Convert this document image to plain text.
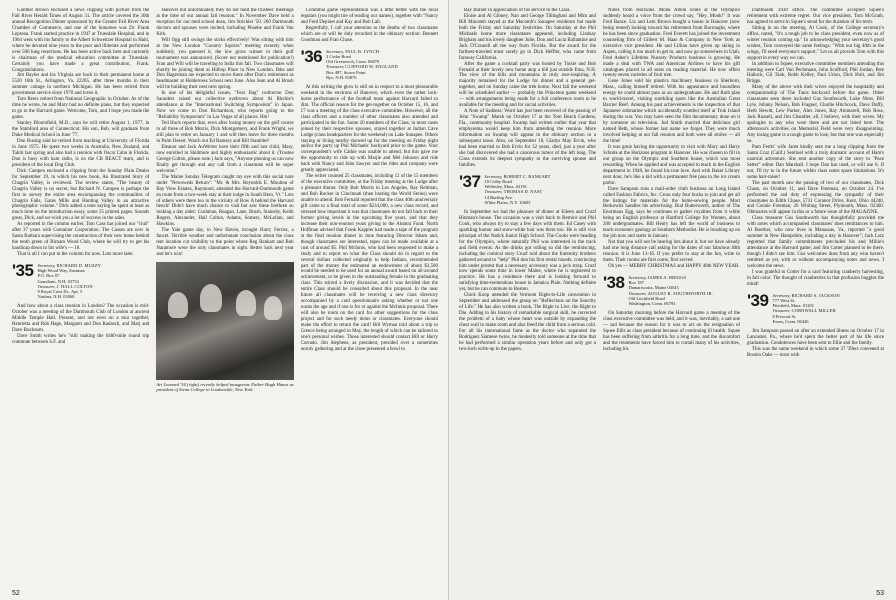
Gardner Brown enclosed a news clipping with picture from the Fall River Herald Times of August 31. The article covered the 30th annual Recognition Dinner sponsored by the Greater Fall River Area Chamber of Commerce, and one of the honorees was Dr. Frank Lepreau. Frank started practice in 1947 at Truesdale Hospital, and in 1964 went with his family to the Albert Schweitzer Hospital in Haiti, where he devoted nine years to the poor and illiterate and performed over 500 lung resections. He has been active back here and currently is chairman of the medical education committee at Truesdale. Certainly you have made a great contribution, Frank. Congratulations.

Jim Bayles and his Virginia are back in their permanent home at 5520 16th St., Arlington, Va. 22205, after three months in their summer cottage in northern Michigan. He has been retired from government service since 1970 and loves it.

Tom Beers retired from National Geographic in October. As of the time he wrote, he and Mary had no definite plans, but they expected to go to the Harvard game. Welcome, Tom, and I hope you made the game.

Stanley Bloomfield, M.D., says he will retire August 1, 1977, in the Stamford area of Connecticut. His son, Bob, will graduate from Duke Medical School in June '77.

Don Busing said he retired from teaching at University of Florida in June 1975. He spent two weeks in Australia, New Zealand, and Tahiti last spring and also had a reunion with Oscar Cahn in Florida. Don is busy with ham radio, is on the CB REACT team, and is president of the local Dog Club.

Dick Campen enclosed a clipping from the Sunday Plain Dealer for September 19, in which his new book, An Illustrated Story of Chagrin Valley, is reviewed. The review states, "The beauty of Chagrin Valley is no secret, but Richard N. Campen is perhaps the first to survey the entire area encompassing the communities of Chagrin Falls, Gates Mills and Hunting Valley in an attractive photographic volume." Dick added a note saying he spent at least as much time on the introduction essay, some 25 printed pages. Sounds great, Dick, and we wish you a lot of success in the sales.

As reported in the column earlier, Tom Cass has joined our "club" after 37 years with Container Corporation. The Casses are now in Santa Barbara supervising the construction of their new home behind the tenth green of Birnam Wood Club, where he will try to get his handicap down to his wife's — 18.

That is all I can put in the column for now. Lots more later.

'35 Secretary, RICHARD D. MUZZY
High Wood Way, Eastman
P.O. Box 87
Grantham, N.H. 03753
Treasurer, J. HALL COLTON
9 Royal Crest Dr., Apt. 5
Nashua, N.H. 03060

And how about a class reunion in London? The occasion is mid-October was a meeting of the Dartmouth Club of London at ancient Middle Temple Hall. Present, and not even on a tour together, Henrietta and Bob Hage, Margaret and Don Radasch, and Marj and Dave Buxbaum.

Dave Smith writes he's "still making the 6400-mile round trip commute between S.F. and

Hanover but unfortunately they do not hold the trustees' meetings at the time of our annual fall reunion." In November Dave held a reception for our med school dean, Jim Strickler '50. 200 Dartmouth doctors and spouses were invited, including Phoebe and Frank Van Kirk.

Will Ogg still swings the sticks effectively! Was sitting with him at the New London "Country Squires" meeting recently when suddenly, you guessed it, the low gross winner in their golf tournament was announced. (Score not mentioned for publication!) Fran and Will will be traveling to India this fall. Two classmates will shortly be joining them at Hilltop Place in New London. Ibba and Don Hagerman are expected to move there after Don's retirement as headmaster at Holderness School next June. Also Jean and Al Brush will be building their nest next spring.

In one of his delightful issues, "Fear Bag" codirector Don Saunders raised our collective eyebrows about Al Ritchie's attendance at the "International Switching Symposium" in Japan. Now we come to Don Richardson, who reports going to the "Reliability Symposium" in Las Vegas of all places. Hm!

Ted Huck reports that, even after losing money on the golf course to all three of Bob Morris, Dick Montgomery, and Frank Wright, we still plan to retire on January 1 and will then leave for three months in Palm Desert. Watch out Ed Ramsey and Bill Stambler!

Eleanor and Jack AuWerter have their fifth and last child, Mary, now enrolled in Skidmore and highly enthusiastic about it. (Trustee George Colton, please note.) Jack says, "Anyone phoning us can now finally get through and any call from a classmate will be super welcome."

The Maine Sunday Telegram caught my eye with this social note under "Newsweds Return": "Mr. & Mrs. Reynolds E. Moulton of Bay View Estates, Raymond, attended the Harvard-Dartmouth game en route from a two-week stay at their lodge in South Hero, Vt." Lots of others were there too in the vicinity of Row A behind the Harvard bench! Didn't have much chance to visit but saw these brethren so looking a day older: Cushman, Reagan, Lane, Brush, Stainsby, Keith Rogers, Alexander, Hall Colton, Adams, Somers, McLellan, and Hawkins.

The Yale game day, in New Haven, brought Harry Ferriss, a faucet. Terrible weather and unfortunate conclusion about the class tent location cut visibility to the point where Reg Bankart and Bob Naramore were the only classmates in sight. Better luck next year and let's win!

Art Leonard '34 (right) recently helped inaugurate Father Hugh Himes as president of Siena College in Loudonville, New York.

Columbia game representation was a little better with the local regulars (you might tire of reading our names), together with "Nancy and Fred Depinet and Kay and Bob Lall.

Regretfully, I call your attention to the deaths of two classmates which are or will be duly recorded in the obituary section: Bennett Goodman and Fran Chase.

'36 Secretary, PAUL B. LYNCH
2 Cedar Road
Old Greenwich, Conn. 06870
Treasurer, CLIFFORD W. ENGLAND
Box 487, Stowe Point
Rye, N.H. 03870

At this writing the glow is still on in respect to a most pleasurable weekend in the environs of Hanover, which even the rather lack-lustre performance of the football team against Harvard failed to dim. The official reason for the get-together on October 15, 16, and 17 was a meeting of the class executive committee. However, all the class officers and a number of other classmates also attended and participated in the fun. Some 20 members of the Class, in most cases joined by their respective spouses, stayed together at Indian Cave Lodge (class headquarters for the weekend) on Lake Sunapee. Others staying or living nearby showed up for the meeting on Friday night and/or the party up Phil Michaels' backyard prior to the game. Your correspondent's wife Cathie was unable to attend, but this gave me the opportunity to ride up with Marjie and Mel Johnson and ride back with Nancy and John Sawyer and the rides and company were greatly appreciated.

The writer counted 25 classmates, including 12 of the 15 members of the executive committee, at the Friday meeting at the Lodge after a pleasant dinner. Only Bob Morris in Los Angeles, Ray Reitman, and Bob Rocker in Cincinnati (then hosting the World Series) were unable to attend. Bob Fernald reported that the class 40th anniversary gift came to a final total of some $234,000, a new class record, and stressed how important it was that classmates do not fall back to their former giving levels in the upcoming five years, and that they increase their non-reunion years giving to the Alumni Fund. North Hoffman advised that Frank Kappler had made a tape of the program at the final reunion dinner in June featuring Director Isham and, though classmates are interested, tapes can be made available at a cost of around $5. Phil McInnis, who had been requested to make a study and to report on what the Class should do in regard to the several dollars collected originally to help Indians, recommended part of the money the estimated an endowment of about $3,500 would be needed to be used for an annual award based on all-around achievement, to be given to the outstanding female in the graduating class. This stirred a lively discussion, and it was decided that the entire Class should be consulted about this proposal. In the near future all classmates will be receiving a new class directory accompanied by a card questionnaire asking whether or not one wants the age and if one is for or against the McInnis proposal. There will also be room on the card for other suggestions for the class project and for such needy items or classmates. Everyone should make the effort to return the card! Bill Wyman told about a trip to Greece being arranged in May, the length of which can be tailored to one's personal wishes. Those interested should contact Bill or Harry Corrado. Jim Stephens, as president, presided over a sometimes unruly gathering and at the close presented a bowl to

52

Ray Bullier in appreciation of his service to the Class.

Eloise and Al Gibney, Nan and George Tillinghast and Mim and Bill Macomb stayed at the Macomb's Sunapee residence but made both the Friday and Saturday festivities. On Saturday at the Phil Michaels home more classmates appeared, including Lindsay Brigham and his lovely daughter Julie, Don and Lucia Ballantine and Jack O'Connell all the way from Florida. But the award for the furthest-traveled must surely go to Dick Heffler, who came from faraway California.

After the game a cocktail party was hosted by Tutsie and Bob Fernald at their lovely new home atop a hill just outside Etna, N.H. The view of the hills and mountains in truly awe-inspiring. A majority remained for the Lodge for dinner and a general get-together, and on Sunday came the trek home. Next fall the weekend will be scheduled earlier — probably the Princeton game weekend — with arrangements being made for a full conference room to be available for the meeting and for social activities.

A Note of Sadness: Word has just been received of the passing of John "Swamp" Marsh on October 17 at the Tom Beach Gardens, Fla., community hospital. Swamp had written earlier that year that emphysema would keep him from attending the reunion. More information on Swamp will appear in the obituary section in a subsequent issue. Also, on September 10, Gladys May Ervin, who had been married to Bob Ervin for 32 years, died, just a year after she had discovered she had a cancerous tumor of the left lung. The Class extends its deepest sympathy to the surviving spouse and families.

'37 Secretary, ROBERT C. BANKART
10 Colby Road
Wellesley, Mass. 02181
Treasurer, THOMAS D. NAST
14 Burling Ave.
White Plains, N.Y. 10605

In September we had the pleasure of dinner at Eileen and Cruzf Hinman's house. The occasion was a visit back to Bernice and Phil Cook, who always try to stay a few days with them. Ed Casey with sparkling humor and snow-white hair was there too. He is still vice principal of the Natick Junior High School. The Cooks were heading for the Olympics, where naturally Phil was interested in the track and field events. As the drinks got rolling so did the reminiscing, including the comical story Cruzf told about the fraternity brothers gathered around to "help" Phil don his first rental tuxedo, convincing him under protest that a necessary accessory was a jock strap. Cruzf now spends some time in lower Maine, where he is registered to practice. He has a residence there and is looking forward to satisfying time-tremendous house in Jamaica Plain. Nothing definite yet, but he can commute to Boston.

Chick Koop attended the Vermont Right-to-Life convention in September and addressed the group on "Reflections on the Sanctity of Life." He has also written a book, The Right to Live, the Right to Die. Adding to his history of remarkable surgical skill, he corrected the problem of a baby whose heart was outside by expanding the chest wall to make room and also freed the child from a serious cold. For all his international fame as the doctor who separated the Rodriguez Siamese twins, he modestly told someone at the time that he had performed a similar operation years before and only got a two-inch write-up in the papers.

Notes from Horizons. Monk Amon while at the Olympics suddenly heard a voice from the crowd say, "Hey, Monk!" It was Fred Bance. Liz and Lem Brown bought a house in Hanover (now being rented) looking toward his retirement from Burroughs, where he has been since graduation. Fred Everett has joined the investment counseling firm of Gilbert M. Haas & Company in New York as executive vice president. He and Lillian have given up skiing in Aspen, calling it too much to get to, and now go somewhere in Utah. Fred Asher's Lifetime Nursery Products business is growing. He made a deal with TWA and American Airlines to have his gift catalogues placed in all seats on reading material. He now offers twenty-seven varieties of fruit tree.

Gene Jones sold his plastics machinery business in Sherborn, Mass., calling himself retired. With his appearance and boundless energy he could almost pass as an undergraduate. He and Ruth plan to world-travel, visiting snorkling spots like the Australian Great Barrier Reef. Among his past achievements is the inspection of that Japanese submarine which accidentally scuttled itself at Truk Island during the war. You may have seen the film documentary done on it by someone on television. Jud Smith married that delicious girl named Beth, whose former last name we forget. They were much involved helping at our fall reunion and both were all smiles — all the time!

It was great having the opportunity to visit with Mary and Harry Schnite at the Horizons program in Hanover. He was chosen to fill in our group on the Olympic and Southern house, which was most rewarding. When he applied and was accepted to teach in the English department in 1948, he found his true love. And with Baker Library next door, he's like a kid with a permanent free pass to the ice cream parlor.

Dave Sampson runs a mail-order cloth business on Long Island called Fashion Fabrics, Inc. Cross only four bucks to join and get all the listings for materials for the home-sewing people. Mort Berkowitz handles his advertising. Bud Butterworth, author of The Enormous Egg, says he continues to gather royalties from it while being an English professor at Hartford College for Women, about 200 undergraduates. Bill Henry has left the world of business to teach economic geology at Southern Methodist. He is brushing up on the job now and starts in January.

Not that you will not be hearing lots about it, but we have already had one long distance call asking for the dates of our fabulous 40th reunion. It is June 13-16. If you prefer to stay at the Inn, write to them. Their rooms are first come, first served.

Oh yes — MERRY CHRISTMAS and HAPPY 40th NEW YEAR.

'38 Secretary, JAMES A. BRIGGS
Box 187
Damariscotta, Maine 04543
Treasurer, AUGUST R. SOUTHWORTH JR.
Old Litchfield Road
Washington, Conn. 06793

On Saturday morning before the Harvard game a meeting of the class executive committee was held, and it was, inevitably, a sad one — sad because the reason for it was to act on the resignation of Squee Ellis as class president because of continuing ill health. Squee has been suffering from arthritis for a long time, and the discomfort and the treatments have forced him to curtail many of his activities, including his

Dartmouth 1938 office. The committee accepted Squee's retirement with extreme regret. Our vice president, Tom McGrath, has agreed to serve in Squee's stead for the duration of his term.

Sitting in on the meeting, Al Cook, of the College secretary's office, noted, "It's a tough job to be class president, even now as of winter reunion coming up." In acknowledging your secretary's good wishes, Tom conveyed the same feelings: "With our big 40th in the wings, I'll need everyone's support." Let us all provide Tom with this support in every way we can.

In addition to Squee, executive committee members attending this meeting were Carl Von Pechmann, John Scofford, Phil Jordan, Pete Hallock, Gil Tank, Robb Kelley, Paul Urion, Dick Holt, and Jim Briggs.

Many of the above with their wives enjoyed the hospitality and companionship of The Tanis backyard before the game. Other classmates seen there included Gus Southworth, Luke Nims, Bill Lyle, Johnny Nelson, Bob Fragner, Charlie Hitchcock, Dave Duffy, Herb Hewitt, Lew Parker, Alex Jones, Ray Ammarell, Bob Ross, Jack Russell, and Jim Chandler, all, I believe, with their wives. My apologies to any who were there and are not listed here. The afternoon's activities on Memorial Field were very disappointing. Any losing game is a tough game to lose, but that one was especially so.

Pam Ferris' wife Janet kindly sent me a long clipping from the Santa Cruz (Calif.) Sentinel with a truly dramatic account of Ham's nautical adventure. She sent another copy of the story to "Pace Setter" editor Dan Marshall. I hope Dan has used, or will use it. If not, I'll try to in the future within class notes space limitations. It's some hair-raiser!

The past month saw the passing of two of our classmates, Dick Chase, on October 11, and Dave Freeman, on October 24. I've performed the sad duty of expressing the sympathy of their classmates to Edith Chase, 5731 Coranor Drive, Kent, Ohio 44240, and Connie Freeman, 26 Whiting Street, Plymouth, Mass. 02360. Obituaries will appear in this or a future issue of the MAGAZINE.

Class treasurer Gus Southworth has thoughtfully provided me with notes which accompanied classmates' dues remittances to him. Al Boerker, who now lives in Manassas, Va., reported "a good summer in New Hampshire, including a day in Hanover"; Jack Lutz regretted that family commitments precluded his and Millie's attendance at the Harvard game; and Jim Cotter planned to be there, though I didn't see him. Gus welcomes dues from any who haven't remitted as yet, with or without accompanying notes and news. I welcome the news.

I was grateful to Cotter for a card featuring cranberry harvesting, in full color. The thought of cranberries in that profusion boggles the mind!

'39 Secretary, RICHARD S. JACKSON
777 West St.
Pittsfield, Mass. 01201
Treasurer, CORNWALL MILLER
8 Prescott St.
Essex, Conn. 06426

Jim Sampson passed on after an extended illness on October 17 in Lancaster, Pa., where he'd spent the better part of his life since graduation. Condolences have been sent to Ellie and the family.

This was the same weekend in which some 37 '39ers convened at Boston Oaks — most with

53
